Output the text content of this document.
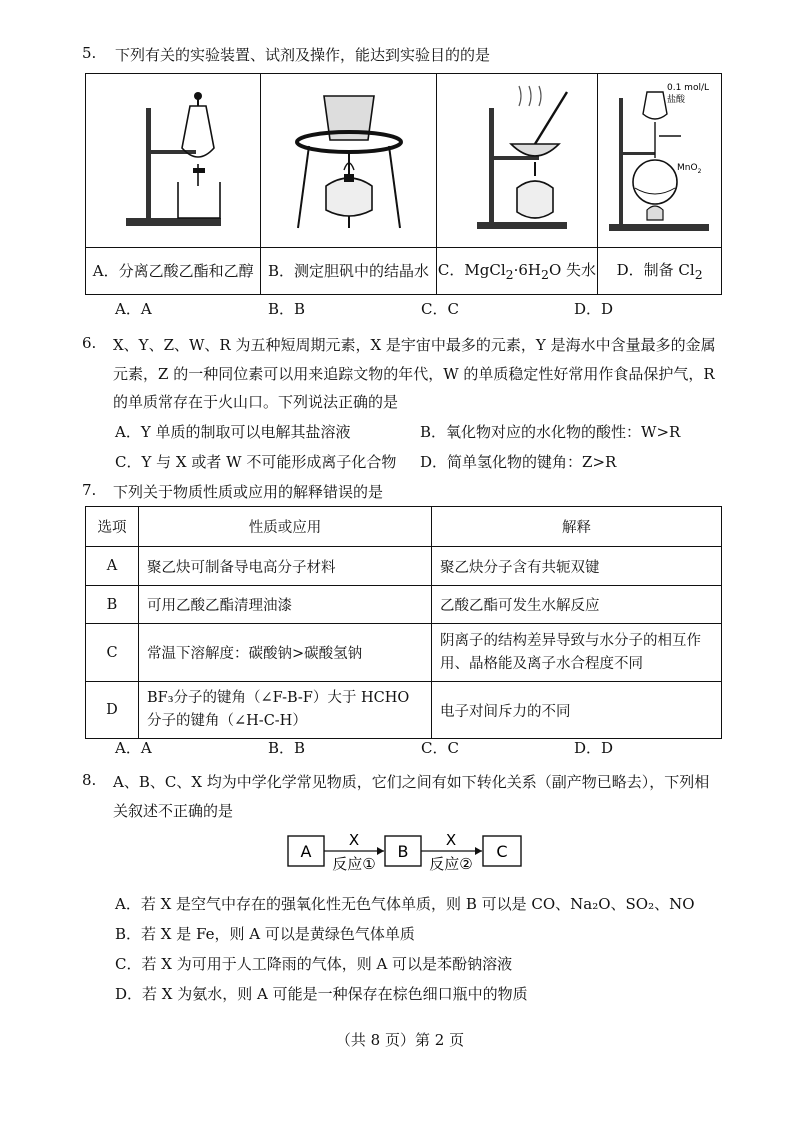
5. 下列有关的实验装置、试剂及操作，能达到实验目的的是

0.1 mol/L
盐酸
MnO$_2$

A．分离乙酸乙酯和乙醇	B．测定胆矾中的结晶水	C．$MgCl_2\cdot 6H_2O$ 失水	D．制备 $Cl_2$
A．A	B．B	C．C	D．D
6. X、Y、Z、W、R 为五种短周期元素，X 是宇宙中最多的元素，Y 是海水中含量最多的金属
元素，Z 的一种同位素可以用来追踪文物的年代，W 的单质稳定性好常用作食品保护气，R
的单质常存在于火山口。下列说法正确的是
A．Y 单质的制取可以电解其盐溶液	B．氧化物对应的水化物的酸性：W>R
C．Y 与 X 或者 W 不可能形成离子化合物 D．简单氢化物的键角：Z>R
7. 下列关于物质性质或应用的解释错误的是
选项	性质或应用	解释
A	聚乙炔可制备导电高分子材料	聚乙炔分子含有共轭双键
B	可用乙酸乙酯清理油漆	乙酸乙酯可发生水解反应
C	常温下溶解度：碳酸钠>碳酸氢钠	阴离子的结构差异导致与水分子的相互作用、晶格能及离子水合程度不同
D	BF₃分子的键角（∠F-B-F）大于 HCHO 分子的键角（∠H-C-H）	电子对间斥力的不同
A．A	B．B	C．C	D．D
8. A、B、C、X 均为中学化学常见物质，它们之间有如下转化关系（副产物已略去），下列相
关叙述不正确的是
A
X
反应①
B
X
反应②
C
A．若 X 是空气中存在的强氧化性无色气体单质，则 B 可以是 CO、Na₂O、SO₂、NO
B．若 X 是 Fe，则 A 可以是黄绿色气体单质
C．若 X 为可用于人工降雨的气体，则 A 可以是苯酚钠溶液
D．若 X 为氨水，则 A 可能是一种保存在棕色细口瓶中的物质
（共 8 页）第 2 页
